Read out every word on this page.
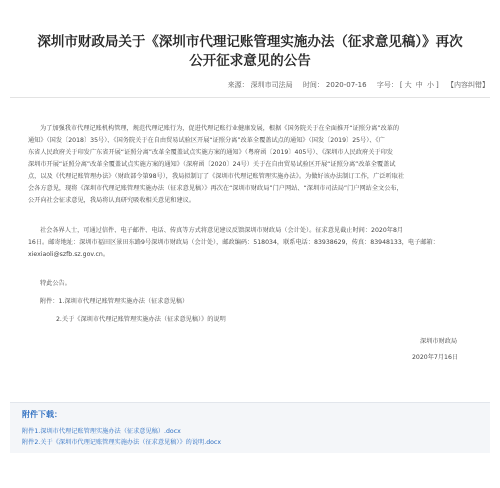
深圳市财政局关于《深圳市代理记账管理实施办法（征求意见稿）》再次
公开征求意见的公告
来源： 深圳市司法局 时间： 2020-07-16 字号： [ 大 中 小 ] 【内容纠错】
为了加强我市代理记账机构管理，规范代理记账行为，促进代理记账行业健康发展，根据《国务院关于在全面推开“证照分离”改革的
通知》（国发〔2018〕35号）、《国务院关于在自由贸易试验区开展“证照分离”改革全覆盖试点的通知》（国发〔2019〕25号）、《广
东省人民政府关于印发广东省开展“证照分离”改革全覆盖试点实施方案的通知》（粤府函〔2019〕405号）、《深圳市人民政府关于印发
深圳市开展“证照分离”改革全覆盖试点实施方案的通知》（深府函〔2020〕24号）关于在自由贸易试验区开展“证照分离”改革全覆盖试
点，以及《代理记账管理办法》（财政部令第98号），我局拟制订了《深圳市代理记账管理实施办法》。为做好该办法制订工作，广泛听取社
会各方意见，现将《深圳市代理记账管理实施办法（征求意见稿）》再次在“深圳市财政局”门户网站、“深圳市司法局”门户网站全文公布，
公开向社会征求意见，我局将认真研究吸收相关意见和建议。
社会各界人士，可通过信件、电子邮件、电话、传真等方式将意见建议反馈深圳市财政局（会计处）。征求意见截止时间：2020年8月
16日。邮寄地址：深圳市福田区景田东路9号深圳市财政局（会计处），邮政编码：518034，联系电话：83938629，传真：83948133，电子邮箱：
xiexiaoli@szfb.sz.gov.cn。
特此公告。
附件：1.深圳市代理记账管理实施办法（征求意见稿）
2.关于《深圳市代理记账管理实施办法（征求意见稿）》的说明
深圳市财政局
2020年7月16日
附件下载：
附件1.深圳市代理记账管理实施办法（征求意见稿）.docx
附件2.关于《深圳市代理记账管理实施办法（征求意见稿）》的说明.docx
